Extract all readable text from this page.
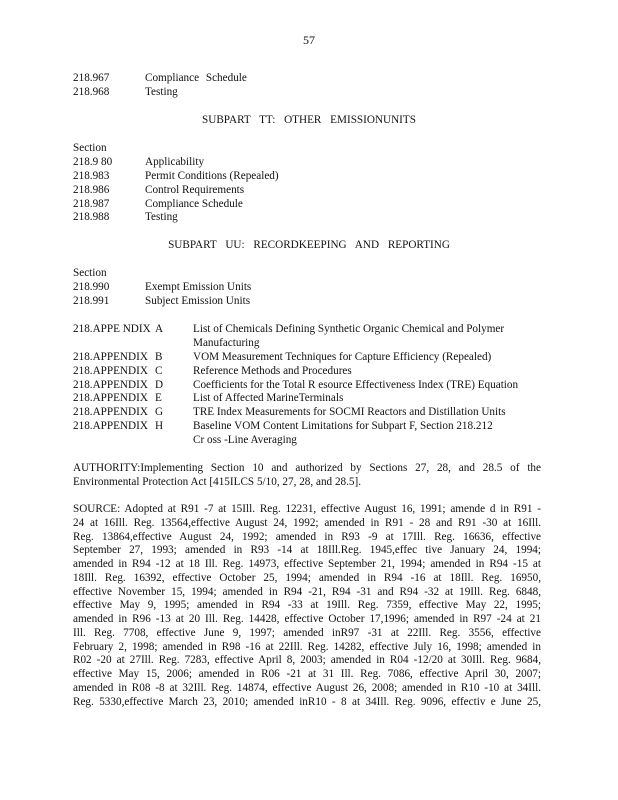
57
218.967	Compliance Schedule
218.968	Testing
SUBPART TT: OTHER EMISSIONUNITS
Section
218.9 80	Applicability
218.983	Permit Conditions (Repealed)
218.986	Control Requirements
218.987	Compliance Schedule
218.988	Testing
SUBPART UU: RECORDKEEPING AND REPORTING
Section
218.990	Exempt Emission Units
218.991	Subject Emission Units
218.APPE NDIX A	List of Chemicals Defining Synthetic Organic Chemical and Polymer
Manufacturing
218.APPENDIX B	VOM Measurement Techniques for Capture Efficiency (Repealed)
218.APPENDIX C	Reference Methods and Procedures
218.APPENDIX D	Coefficients for the Total R esource Effectiveness Index (TRE) Equation
218.APPENDIX E	List of Affected MarineTerminals
218.APPENDIX G	TRE Index Measurements for SOCMI Reactors and Distillation Units
218.APPENDIX H	Baseline VOM Content Limitations for Subpart F, Section 218.212
Cr oss -Line Averaging
AUTHORITY:Implementing Section 10 and authorized by Sections 27, 28, and 28.5 of the
Environmental Protection Act [415ILCS 5/10, 27, 28, and 28.5].
SOURCE: Adopted at R91 -7 at 15Ill. Reg. 12231, effective August 16, 1991; amende d in R91 -
24 at 16Ill. Reg. 13564,effective August 24, 1992; amended in R91 - 28 and R91 -30 at 16Ill.
Reg. 13864,effective August 24, 1992; amended in R93 -9 at 17Ill. Reg. 16636, effective
September 27, 1993; amended in R93 -14 at 18Ill.Reg. 1945,effec tive January 24, 1994;
amended in R94 -12 at 18 Ill. Reg. 14973, effective September 21, 1994; amended in R94 -15 at
18Ill. Reg. 16392, effective October 25, 1994; amended in R94 -16 at 18Ill. Reg. 16950,
effective November 15, 1994; amended in R94 -21, R94 -31 and R94 -32 at 19Ill. Reg. 6848,
effective May 9, 1995; amended in R94 -33 at 19Ill. Reg. 7359, effective May 22, 1995;
amended in R96 -13 at 20 Ill. Reg. 14428, effective October 17,1996; amended in R97 -24 at 21
Ill. Reg. 7708, effective June 9, 1997; amended inR97 -31 at 22Ill. Reg. 3556, effective
February 2, 1998; amended in R98 -16 at 22Ill. Reg. 14282, effective July 16, 1998; amended in
R02 -20 at 27Ill. Reg. 7283, effective April 8, 2003; amended in R04 -12/20 at 30Ill. Reg. 9684,
effective May 15, 2006; amended in R06 -21 at 31 Ill. Reg. 7086, effective April 30, 2007;
amended in R08 -8 at 32Ill. Reg. 14874, effective August 26, 2008; amended in R10 -10 at 34Ill.
Reg. 5330,effective March 23, 2010; amended inR10 - 8 at 34Ill. Reg. 9096, effectiv e June 25,
